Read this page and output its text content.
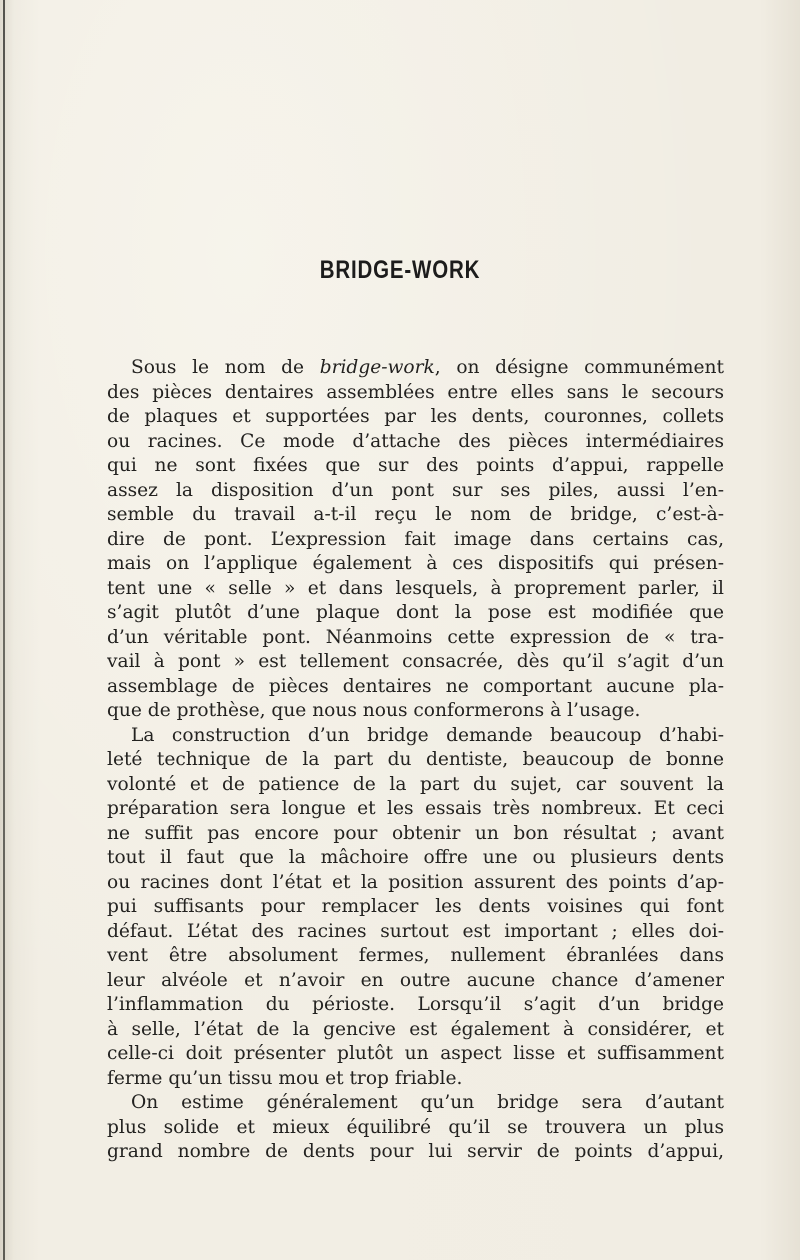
BRIDGE-WORK
Sous le nom de bridge-work, on désigne communément
des pièces dentaires assemblées entre elles sans le secours
de plaques et supportées par les dents, couronnes, collets
ou racines. Ce mode d’attache des pièces intermédiaires
qui ne sont fixées que sur des points d’appui, rappelle
assez la disposition d’un pont sur ses piles, aussi l’en-
semble du travail a-t-il reçu le nom de bridge, c’est-à-
dire de pont. L’expression fait image dans certains cas,
mais on l’applique également à ces dispositifs qui présen-
tent une « selle » et dans lesquels, à proprement parler, il
s’agit plutôt d’une plaque dont la pose est modifiée que
d’un véritable pont. Néanmoins cette expression de « tra-
vail à pont » est tellement consacrée, dès qu’il s’agit d’un
assemblage de pièces dentaires ne comportant aucune pla-
que de prothèse, que nous nous conformerons à l’usage.
La construction d’un bridge demande beaucoup d’habi-
leté technique de la part du dentiste, beaucoup de bonne
volonté et de patience de la part du sujet, car souvent la
préparation sera longue et les essais très nombreux. Et ceci
ne suffit pas encore pour obtenir un bon résultat ; avant
tout il faut que la mâchoire offre une ou plusieurs dents
ou racines dont l’état et la position assurent des points d’ap-
pui suffisants pour remplacer les dents voisines qui font
défaut. L’état des racines surtout est important ; elles doi-
vent être absolument fermes, nullement ébranlées dans
leur alvéole et n’avoir en outre aucune chance d’amener
l’inflammation du périoste. Lorsqu’il s’agit d’un bridge
à selle, l’état de la gencive est également à considérer, et
celle-ci doit présenter plutôt un aspect lisse et suffisamment
ferme qu’un tissu mou et trop friable.
On estime généralement qu’un bridge sera d’autant
plus solide et mieux équilibré qu’il se trouvera un plus
grand nombre de dents pour lui servir de points d’appui,
